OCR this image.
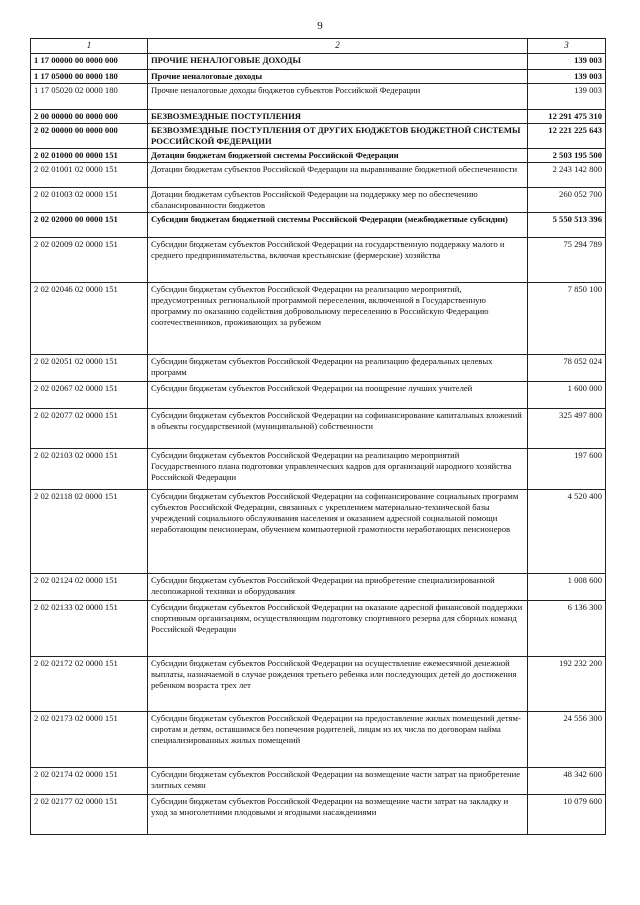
9
1	2	3
1 17 00000 00 0000 000	ПРОЧИЕ НЕНАЛОГОВЫЕ ДОХОДЫ	139 003
1 17 05000 00 0000 180	Прочие неналоговые доходы	139 003
1 17 05020 02 0000 180	Прочие неналоговые доходы бюджетов субъектов Российской Федерации	139 003
2 00 00000 00 0000 000	БЕЗВОЗМЕЗДНЫЕ ПОСТУПЛЕНИЯ	12 291 475 310
2 02 00000 00 0000 000	БЕЗВОЗМЕЗДНЫЕ ПОСТУПЛЕНИЯ ОТ ДРУГИХ БЮДЖЕТОВ БЮДЖЕТНОЙ СИСТЕМЫ РОССИЙСКОЙ ФЕДЕРАЦИИ	12 221 225 643
2 02 01000 00 0000 151	Дотации бюджетам бюджетной системы Российской Федерации	2 503 195 500
2 02 01001 02 0000 151	Дотации бюджетам субъектов Российской Федерации на выравнивание бюджетной обеспеченности	2 243 142 800
2 02 01003 02 0000 151	Дотации бюджетам субъектов Российской Федерации на поддержку мер по обеспечению сбалансированности бюджетов	260 052 700
2 02 02000 00 0000 151	Субсидии бюджетам бюджетной системы Российской Федерации (межбюджетные субсидии)	5 550 513 396
2 02 02009 02 0000 151	Субсидии бюджетам субъектов Российской Федерации на государственную поддержку малого и среднего предпринимательства, включая крестьянские (фермерские) хозяйства	75 294 789
2 02 02046 02 0000 151	Субсидии бюджетам субъектов Российской Федерации на реализацию мероприятий, предусмотренных региональной программой переселения, включенной в Государственную программу по оказанию содействия добровольному переселению в Российскую Федерацию соотечественников, проживающих за рубежом	7 850 100
2 02 02051 02 0000 151	Субсидии бюджетам субъектов Российской Федерации на реализацию федеральных целевых программ	78 052 024
2 02 02067 02 0000 151	Субсидии бюджетам субъектов Российской Федерации на поощрение лучших учителей	1 600 000
2 02 02077 02 0000 151	Субсидии бюджетам субъектов Российской Федерации на софинансирование капитальных вложений в объекты государственной (муниципальной) собственности	325 497 800
2 02 02103 02 0000 151	Субсидии бюджетам субъектов Российской Федерации на реализацию мероприятий Государственного плана подготовки управленческих кадров для организаций народного хозяйства Российской Федерации	197 600
2 02 02118 02 0000 151	Субсидии бюджетам субъектов Российской Федерации на софинансирование социальных программ субъектов Российской Федерации, связанных с укреплением материально-технической базы учреждений социального обслуживания населения и оказанием адресной социальной помощи неработающим пенсионерам, обучением компьютерной грамотности неработающих пенсионеров	4 520 400
2 02 02124 02 0000 151	Субсидии бюджетам субъектов Российской Федерации на приобретение специализированной лесопожарной техники и оборудования	1 008 600
2 02 02133 02 0000 151	Субсидии бюджетам субъектов Российской Федерации на оказание адресной финансовой поддержки спортивным организациям, осуществляющим подготовку спортивного резерва для сборных команд Российской Федерации	6 136 300
2 02 02172 02 0000 151	Субсидии бюджетам субъектов Российской Федерации на осуществление ежемесячной денежной выплаты, назначаемой в случае рождения третьего ребенка или последующих детей до достижения ребенком возраста трех лет	192 232 200
2 02 02173 02 0000 151	Субсидии бюджетам субъектов Российской Федерации на предоставление жилых помещений детям-сиротам и детям, оставшимся без попечения родителей, лицам из их числа по договорам найма специализированных жилых помещений	24 556 300
2 02 02174 02 0000 151	Субсидии бюджетам субъектов Российской Федерации на возмещение части затрат на приобретение элитных семян	48 342 600
2 02 02177 02 0000 151	Субсидии бюджетам субъектов Российской Федерации на возмещение части затрат на закладку и уход за многолетними плодовыми и ягодными насаждениями	10 079 600
